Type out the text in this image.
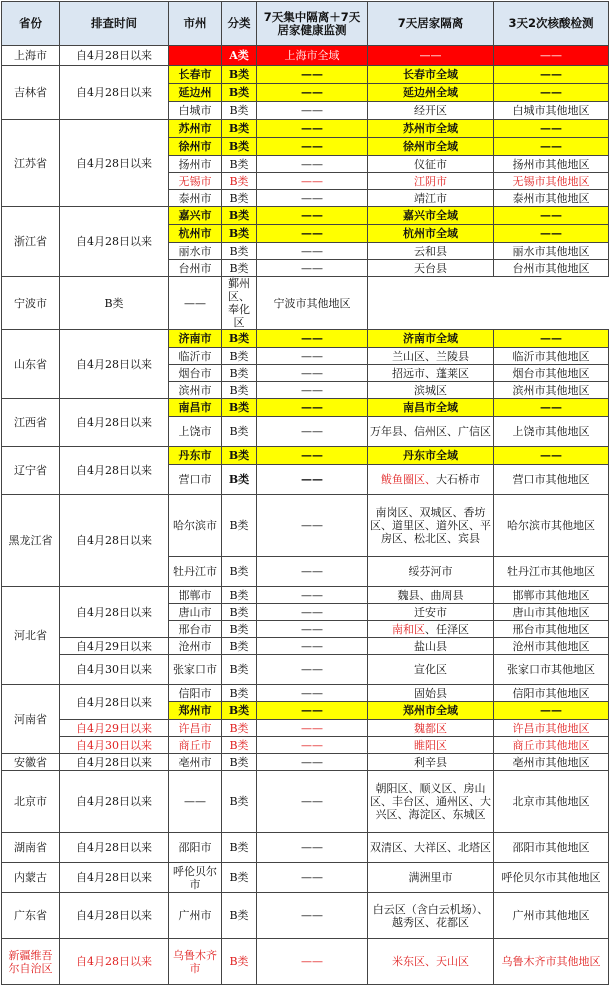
省份	排查时间	市州	分类	7天集中隔离＋7天居家健康监测	7天居家隔离	3天2次核酸检测
上海市	自4月28日以来		A类	上海市全域	——	——
吉林省	自4月28日以来	长春市	B类	——	长春市全域	——
		延边州	B类	——	延边州全域	——
		白城市	B类	——	经开区	白城市其他地区
江苏省	自4月28日以来	苏州市	B类	——	苏州市全域	——
		徐州市	B类	——	徐州市全域	——
		扬州市	B类	——	仪征市	扬州市其他地区
		无锡市	B类	——	江阴市	无锡市其他地区
		泰州市	B类	——	靖江市	泰州市其他地区
浙江省	自4月28日以来	嘉兴市	B类	——	嘉兴市全域	——
		杭州市	B类	——	杭州市全域	——
		丽水市	B类	——	云和县	丽水市其他地区
		台州市	B类	——	天台县	台州市其他地区
宁波市	B类	——	鄞州区、奉化区	宁波市其他地区		
山东省	自4月28日以来	济南市	B类	——	济南市全域	——
		临沂市	B类	——	兰山区、兰陵县	临沂市其他地区
		烟台市	B类	——	招远市、蓬莱区	烟台市其他地区
		滨州市	B类	——	滨城区	滨州市其他地区
江西省	自4月28日以来	南昌市	B类	——	南昌市全域	——
		上饶市	B类	——	万年县、信州区、广信区	上饶市其他地区
辽宁省	自4月28日以来	丹东市	B类	——	丹东市全域	——
		营口市	B类	——	鲅鱼圈区、大石桥市	营口市其他地区
黑龙江省	自4月28日以来	哈尔滨市	B类	——	南岗区、双城区、香坊区、道里区、道外区、平房区、松北区、宾县	哈尔滨市其他地区
		牡丹江市	B类	——	绥芬河市	牡丹江市其他地区
河北省	自4月28日以来	邯郸市	B类	——	魏县、曲周县	邯郸市其他地区
		唐山市	B类	——	迁安市	唐山市其他地区
		邢台市	B类	——	南和区、任泽区	邢台市其他地区
	自4月29日以来	沧州市	B类	——	盐山县	沧州市其他地区
	自4月30日以来	张家口市	B类	——	宣化区	张家口市其他地区
河南省	自4月28日以来	信阳市	B类	——	固始县	信阳市其他地区
		郑州市	B类	——	郑州市全域	——
	自4月29日以来	许昌市	B类	——	魏都区	许昌市其他地区
	自4月30日以来	商丘市	B类	——	睢阳区	商丘市其他地区
安徽省	自4月28日以来	亳州市	B类	——	利辛县	亳州市其他地区
北京市	自4月28日以来	——	B类	——	朝阳区、顺义区、房山区、丰台区、通州区、大兴区、海淀区、东城区	北京市其他地区
湖南省	自4月28日以来	邵阳市	B类	——	双清区、大祥区、北塔区	邵阳市其他地区
内蒙古	自4月28日以来	呼伦贝尔市	B类	——	满洲里市	呼伦贝尔市其他地区
广东省	自4月28日以来	广州市	B类	——	白云区（含白云机场）、越秀区、花都区	广州市其他地区
新疆维吾尔自治区	自4月28日以来	乌鲁木齐市	B类	——	米东区、天山区	乌鲁木齐市其他地区
